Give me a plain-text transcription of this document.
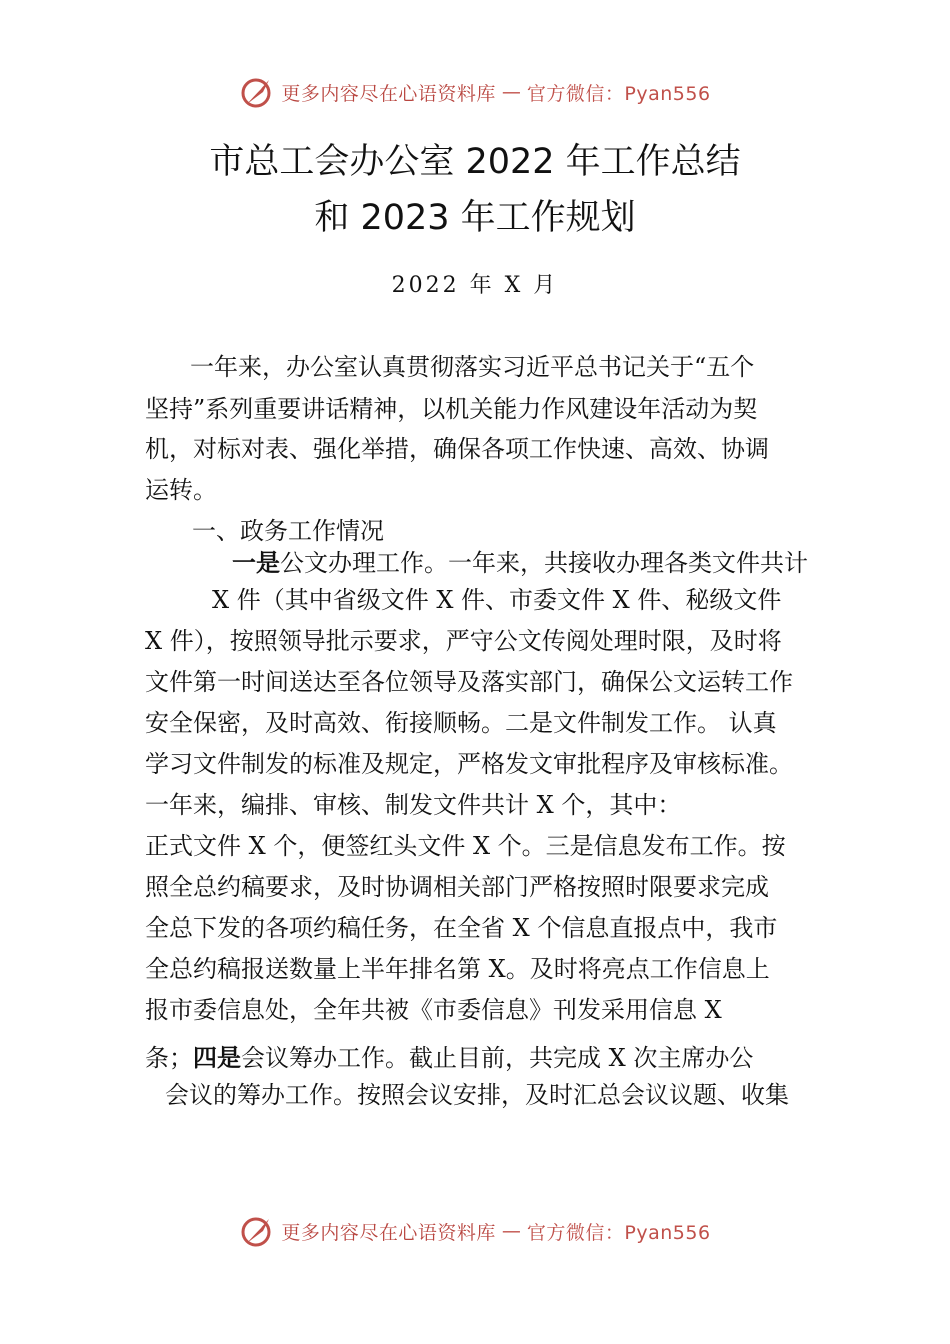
更多内容尽在心语资料库 — 官方微信：Pyan556
市总工会办公室 2022 年工作总结
和 2023 年工作规划
2022 年 X 月
一年来，办公室认真贯彻落实习近平总书记关于“五个
坚持”系列重要讲话精神，以机关能力作风建设年活动为契
机，对标对表、强化举措，确保各项工作快速、高效、协调
运转。
一、政务工作情况
一是公文办理工作。一年来，共接收办理各类文件共计
X 件（其中省级文件 X 件、市委文件 X 件、秘级文件
X 件），按照领导批示要求，严守公文传阅处理时限，及时将
文件第一时间送达至各位领导及落实部门，确保公文运转工作
安全保密，及时高效、衔接顺畅。二是文件制发工作。 认真
学习文件制发的标准及规定，严格发文审批程序及审核标准。
一年来，编排、审核、制发文件共计 X 个，其中：
正式文件 X 个，便签红头文件 X 个。三是信息发布工作。按
照全总约稿要求，及时协调相关部门严格按照时限要求完成
全总下发的各项约稿任务，在全省 X 个信息直报点中，我市
全总约稿报送数量上半年排名第 X。及时将亮点工作信息上
报市委信息处，全年共被《市委信息》刊发采用信息 X
条；四是会议筹办工作。截止目前，共完成 X 次主席办公
会议的筹办工作。按照会议安排，及时汇总会议议题、收集
更多内容尽在心语资料库 — 官方微信：Pyan556
